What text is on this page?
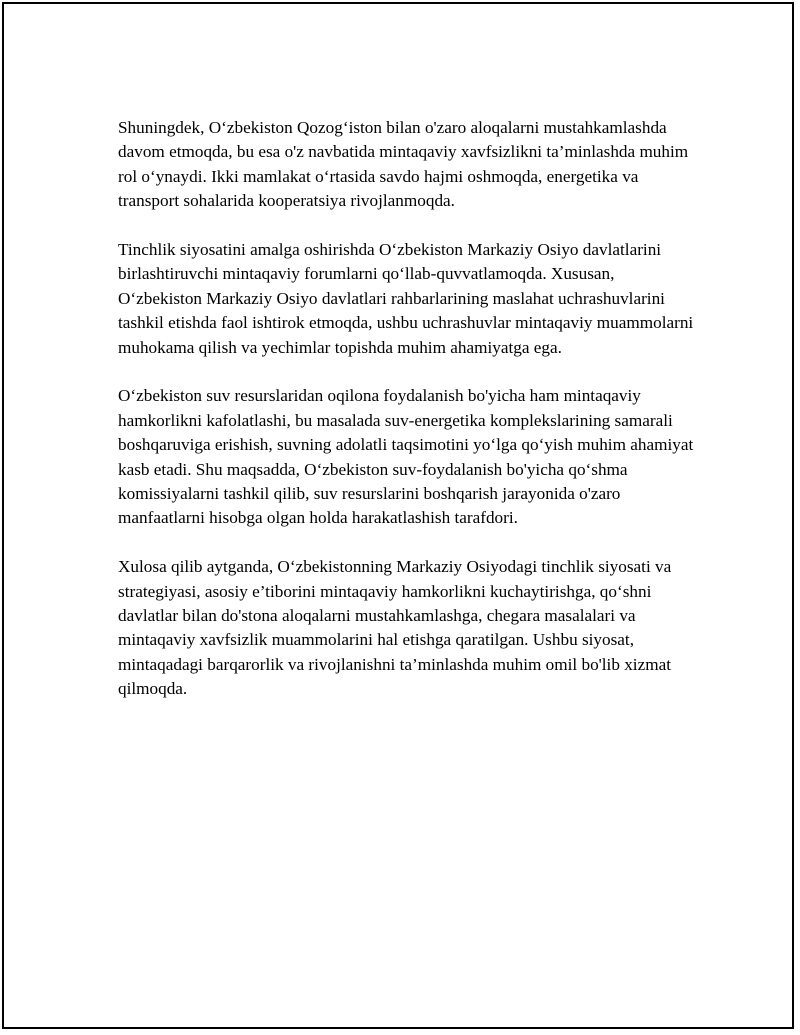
Shuningdek, O‘zbekiston Qozog‘iston bilan o'zaro aloqalarni mustahkamlashda davom etmoqda, bu esa o'z navbatida mintaqaviy xavfsizlikni ta’minlashda muhim rol o‘ynaydi. Ikki mamlakat o‘rtasida savdo hajmi oshmoqda, energetika va transport sohalarida kooperatsiya rivojlanmoqda.

Tinchlik siyosatini amalga oshirishda O‘zbekiston Markaziy Osiyo davlatlarini birlashtiruvchi mintaqaviy forumlarni qo‘llab-quvvatlamoqda. Xususan, O‘zbekiston Markaziy Osiyo davlatlari rahbarlarining maslahat uchrashuvlarini tashkil etishda faol ishtirok etmoqda, ushbu uchrashuvlar mintaqaviy muammolarni muhokama qilish va yechimlar topishda muhim ahamiyatga ega.

O‘zbekiston suv resurslaridan oqilona foydalanish bo'yicha ham mintaqaviy hamkorlikni kafolatlashi, bu masalada suv-energetika komplekslarining samarali boshqaruviga erishish, suvning adolatli taqsimotini yo‘lga qo‘yish muhim ahamiyat kasb etadi. Shu maqsadda, O‘zbekiston suv-foydalanish bo'yicha qo‘shma komissiyalarni tashkil qilib, suv resurslarini boshqarish jarayonida o'zaro manfaatlarni hisobga olgan holda harakatlashish tarafdori.

Xulosa qilib aytganda, O‘zbekistonning Markaziy Osiyodagi tinchlik siyosati va strategiyasi, asosiy e’tiborini mintaqaviy hamkorlikni kuchaytirishga, qo‘shni davlatlar bilan do'stona aloqalarni mustahkamlashga, chegara masalalari va mintaqaviy xavfsizlik muammolarini hal etishga qaratilgan. Ushbu siyosat, mintaqadagi barqarorlik va rivojlanishni ta’minlashda muhim omil bo'lib xizmat qilmoqda.
